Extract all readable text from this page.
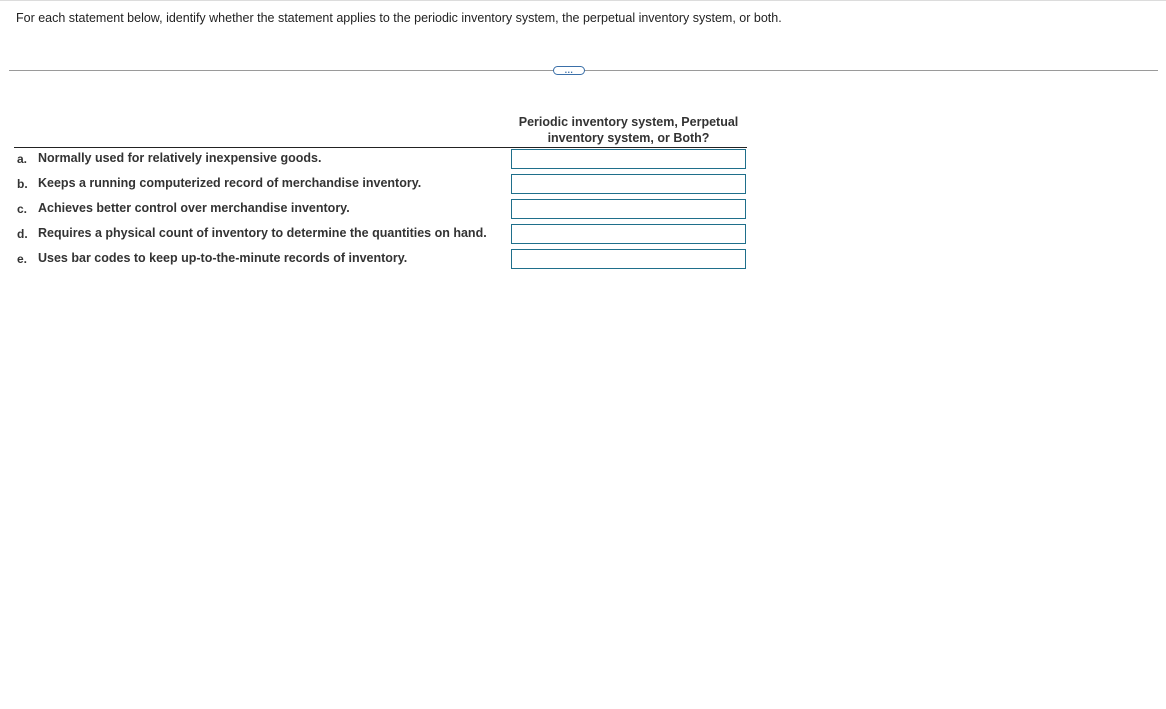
For each statement below, identify whether the statement applies to the periodic inventory system, the perpetual inventory system, or both.
…
Periodic inventory system, Perpetual inventory system, or Both?
a. Normally used for relatively inexpensive goods.
b. Keeps a running computerized record of merchandise inventory.
c. Achieves better control over merchandise inventory.
d. Requires a physical count of inventory to determine the quantities on hand.
e. Uses bar codes to keep up-to-the-minute records of inventory.
